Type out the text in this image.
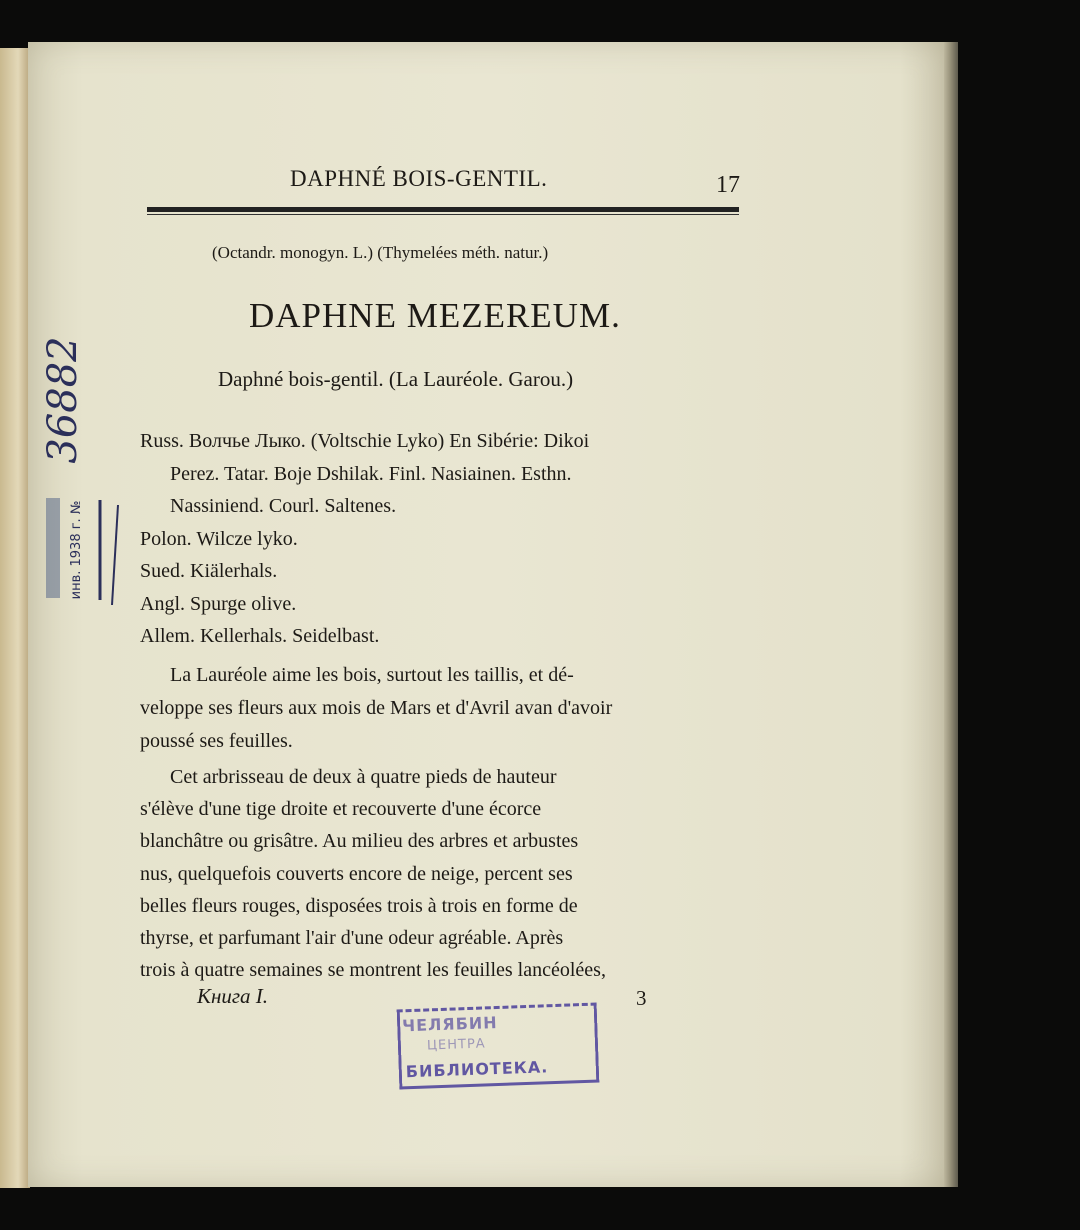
DAPHNÉ BOIS-GENTIL.	17
(Octandr. monogyn. L.) (Thymelées méth. natur.)
DAPHNE MEZEREUM.
Daphné bois-gentil. (La Lauréole. Garou.)
Russ. Волчье Лыко. (Voltschie Lyko) En Sibérie: Dikoi
Perez. Tatar. Boje Dshilak. Finl. Nasiainen. Esthn.
Nassiniend. Courl. Saltenes.
Polon. Wilcze lyko.
Sued. Kiälerhals.
Angl. Spurge olive.
Allem. Kellerhals. Seidelbast.

La Lauréole aime les bois, surtout les taillis, et dé-

veloppe ses fleurs aux mois de Mars et d'Avril avan d'avoir

poussé ses feuilles.

Cet arbrisseau de deux à quatre pieds de hauteur

s'élève d'une tige droite et recouverte d'une écorce

blanchâtre ou grisâtre. Au milieu des arbres et arbustes

nus, quelquefois couverts encore de neige, percent ses

belles fleurs rouges, disposées trois à trois en forme de

thyrse, et parfumant l'air d'une odeur agréable. Après

trois à quatre semaines se montrent les feuilles lancéolées,

Книга I.	3
ЧЕЛЯБИН
ЦЕНТРА
БИБЛИОТЕКА.
36882
инв. 1938 г. №
